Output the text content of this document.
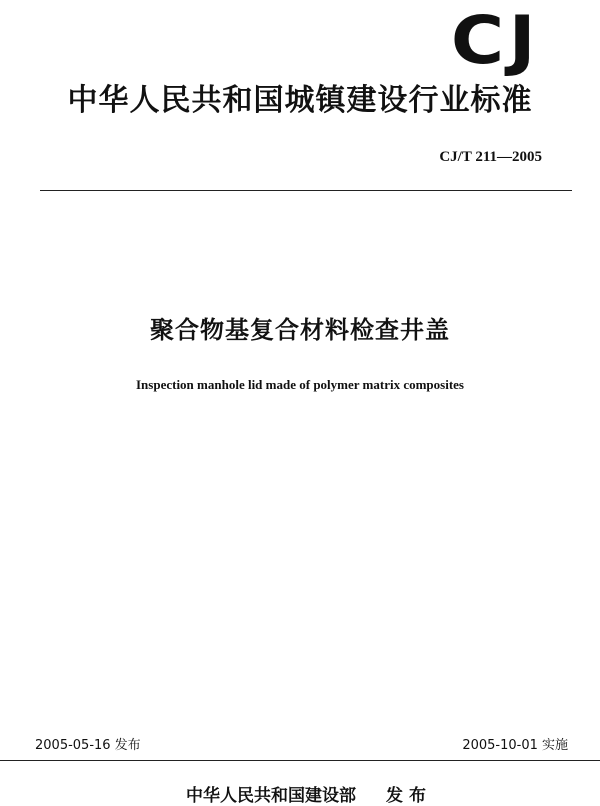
CJ
中华人民共和国城镇建设行业标准
CJ/T 211—2005
聚合物基复合材料检查井盖
Inspection manhole lid made of polymer matrix composites
2005-05-16 发布	2005-10-01 实施
中华人民共和国建设部 发布
